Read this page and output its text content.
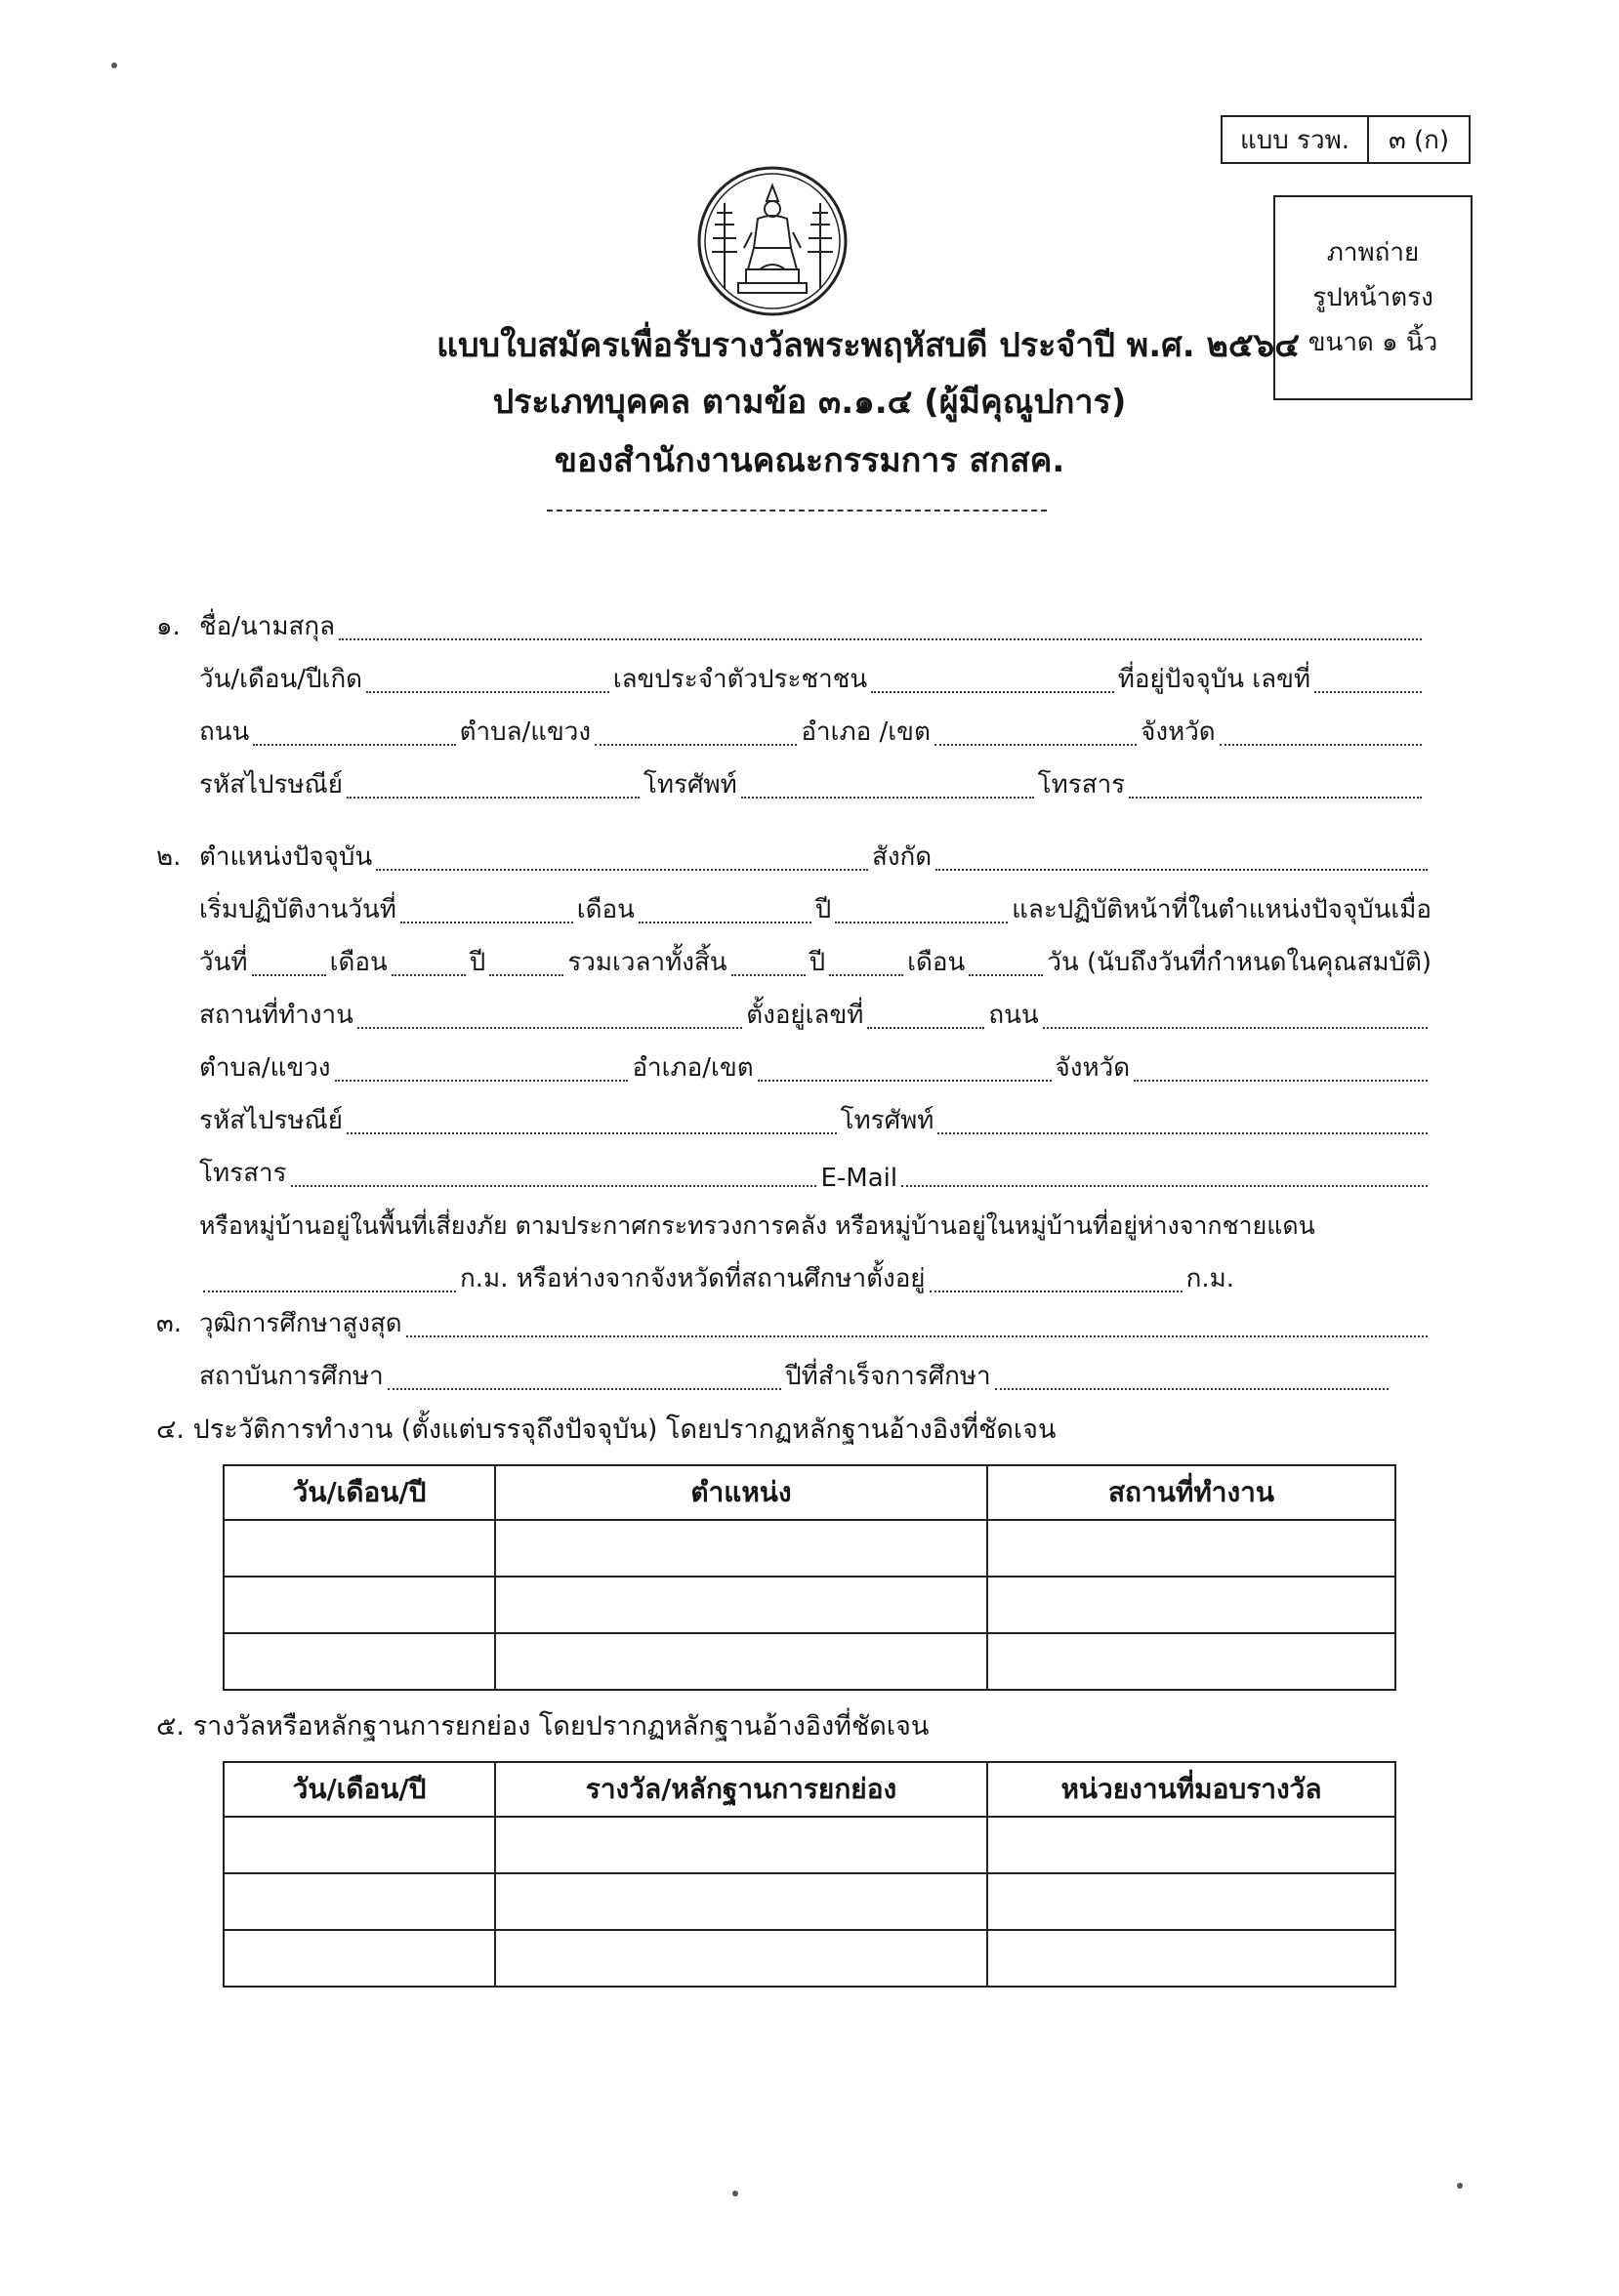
แบบ รวพ.	๓ (ก)
ภาพถ่าย
รูปหน้าตรง
ขนาด ๑ นิ้ว
แบบใบสมัครเพื่อรับรางวัลพระพฤหัสบดี ประจำปี พ.ศ. ๒๕๖๔
ประเภทบุคคล ตามข้อ ๓.๑.๔ (ผู้มีคุณูปการ)
ของสำนักงานคณะกรรมการ สกสค.
๑. ชื่อ/นามสกุล
วัน/เดือน/ปีเกิด	เลขประจำตัวประชาชน	ที่อยู่ปัจจุบัน เลขที่
ถนน	ตำบล/แขวง	อำเภอ /เขต	จังหวัด
รหัสไปรษณีย์	โทรศัพท์	โทรสาร
๒. ตำแหน่งปัจจุบัน	สังกัด
เริ่มปฏิบัติงานวันที่	เดือน	ปี	และปฏิบัติหน้าที่ในตำแหน่งปัจจุบันเมื่อ
วันที่	เดือน	ปี	รวมเวลาทั้งสิ้น	ปี	เดือน	วัน (นับถึงวันที่กำหนดในคุณสมบัติ)
สถานที่ทำงาน	ตั้งอยู่เลขที่	ถนน
ตำบล/แขวง	อำเภอ/เขต	จังหวัด
รหัสไปรษณีย์	โทรศัพท์
โทรสาร	E-Mail
หรือหมู่บ้านอยู่ในพื้นที่เสี่ยงภัย ตามประกาศกระทรวงการคลัง หรือหมู่บ้านอยู่ในหมู่บ้านที่อยู่ห่างจากชายแดน
ก.ม. หรือห่างจากจังหวัดที่สถานศึกษาตั้งอยู่	ก.ม.
๓. วุฒิการศึกษาสูงสุด
สถาบันการศึกษา	ปีที่สำเร็จการศึกษา
๔. ประวัติการทำงาน (ตั้งแต่บรรจุถึงปัจจุบัน) โดยปรากฏหลักฐานอ้างอิงที่ชัดเจน
วัน/เดือน/ปี	ตำแหน่ง	สถานที่ทำงาน

๕. รางวัลหรือหลักฐานการยกย่อง โดยปรากฏหลักฐานอ้างอิงที่ชัดเจน
วัน/เดือน/ปี	รางวัล/หลักฐานการยกย่อง	หน่วยงานที่มอบรางวัล
